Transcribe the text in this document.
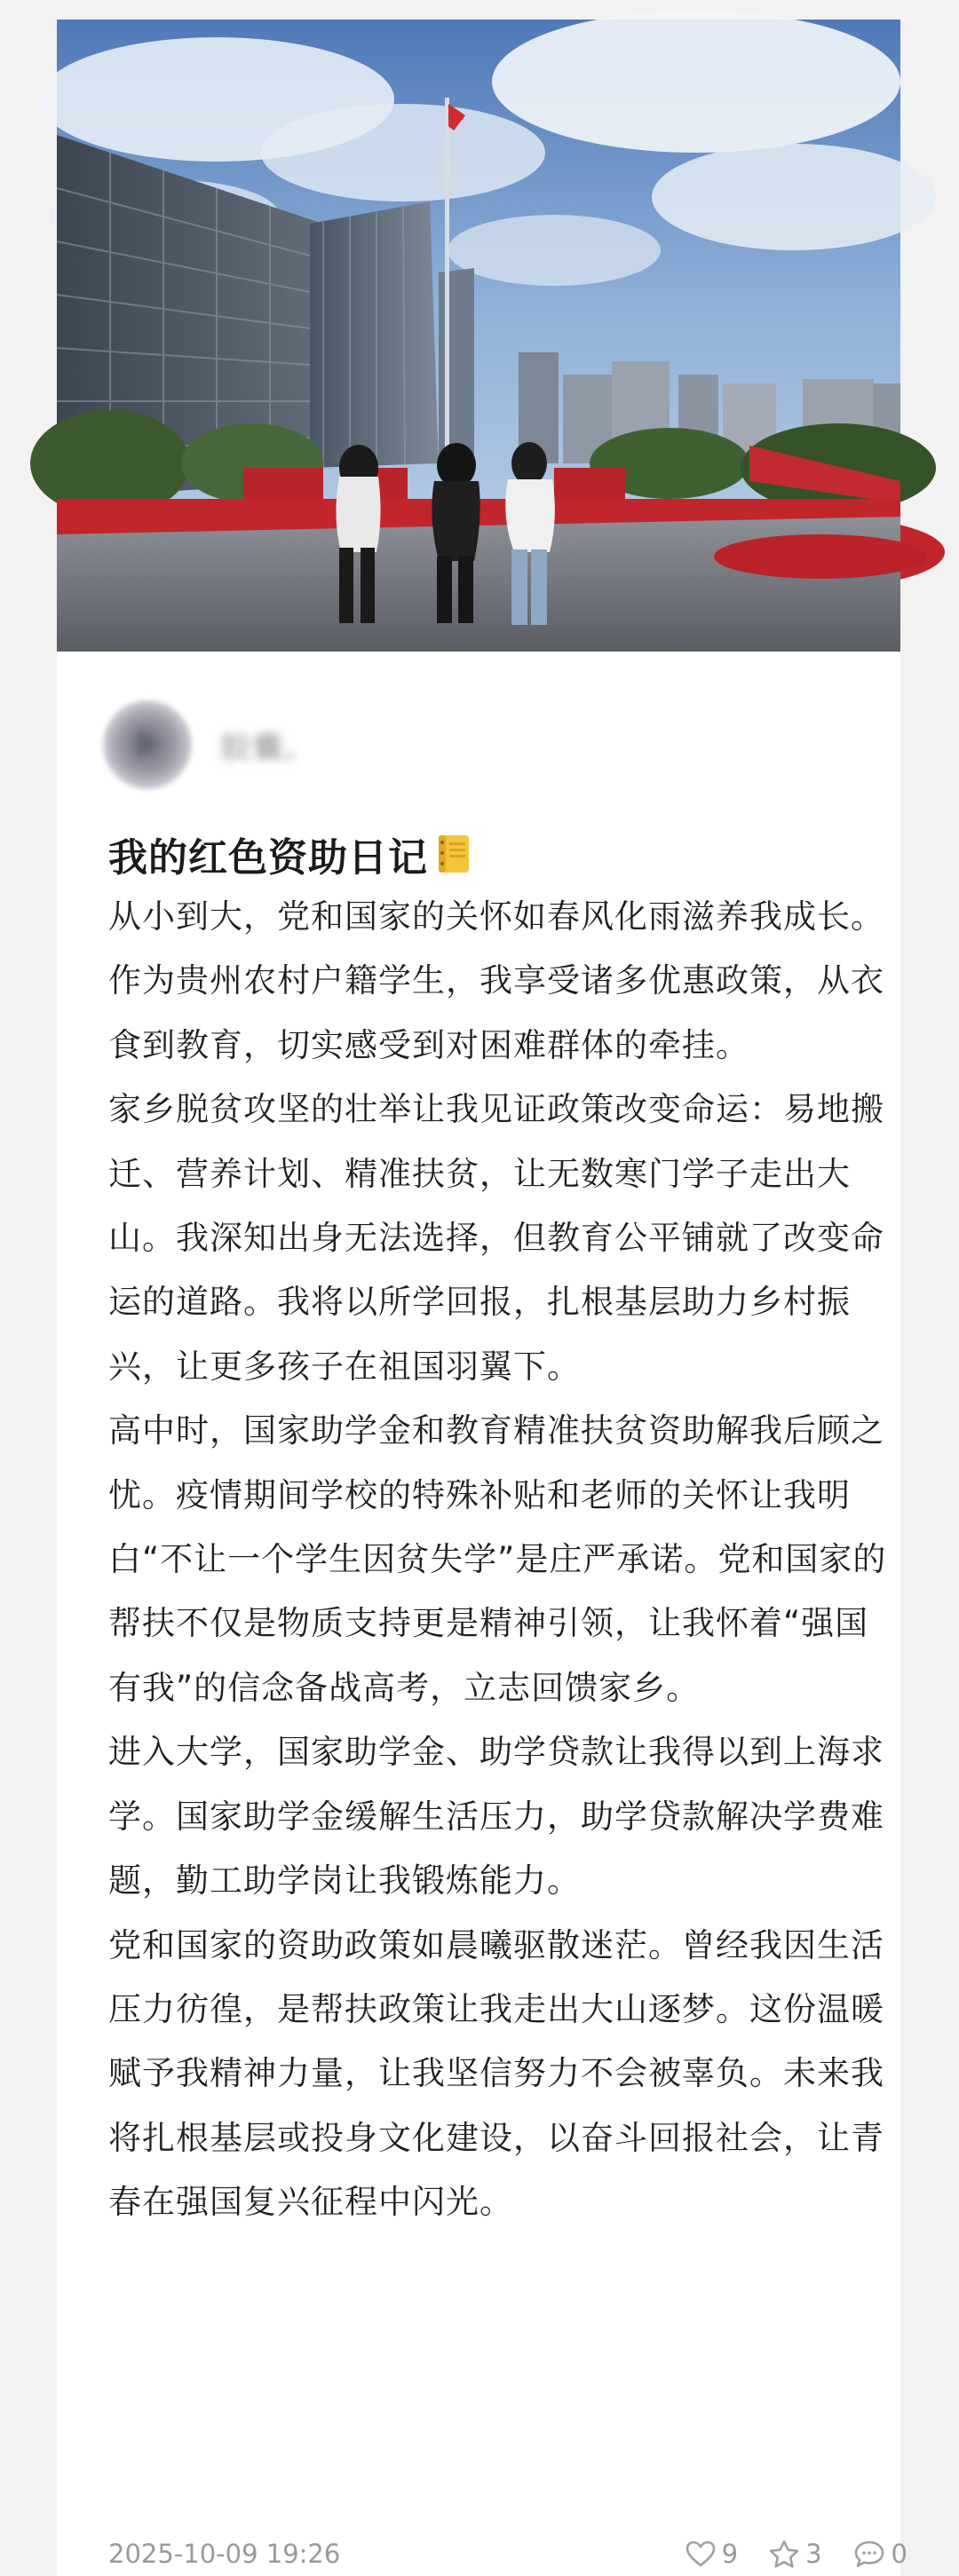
胶囊。
我的红色资助日记

从小到大，党和国家的关怀如春风化雨滋养我成长。作为贵州农村户籍学生，我享受诸多优惠政策，从衣食到教育，切实感受到对困难群体的牵挂。

家乡脱贫攻坚的壮举让我见证政策改变命运：易地搬迁、营养计划、精准扶贫，让无数寒门学子走出大山。我深知出身无法选择，但教育公平铺就了改变命运的道路。我将以所学回报，扎根基层助力乡村振兴，让更多孩子在祖国羽翼下。

高中时，国家助学金和教育精准扶贫资助解我后顾之忧。疫情期间学校的特殊补贴和老师的关怀让我明白“不让一个学生因贫失学”是庄严承诺。党和国家的帮扶不仅是物质支持更是精神引领，让我怀着“强国有我”的信念备战高考，立志回馈家乡。

进入大学，国家助学金、助学贷款让我得以到上海求学。国家助学金缓解生活压力，助学贷款解决学费难题，勤工助学岗让我锻炼能力。

党和国家的资助政策如晨曦驱散迷茫。曾经我因生活压力彷徨，是帮扶政策让我走出大山逐梦。这份温暖赋予我精神力量，让我坚信努力不会被辜负。未来我将扎根基层或投身文化建设，以奋斗回报社会，让青春在强国复兴征程中闪光。

2025-10-09 19:26	9	3	0
